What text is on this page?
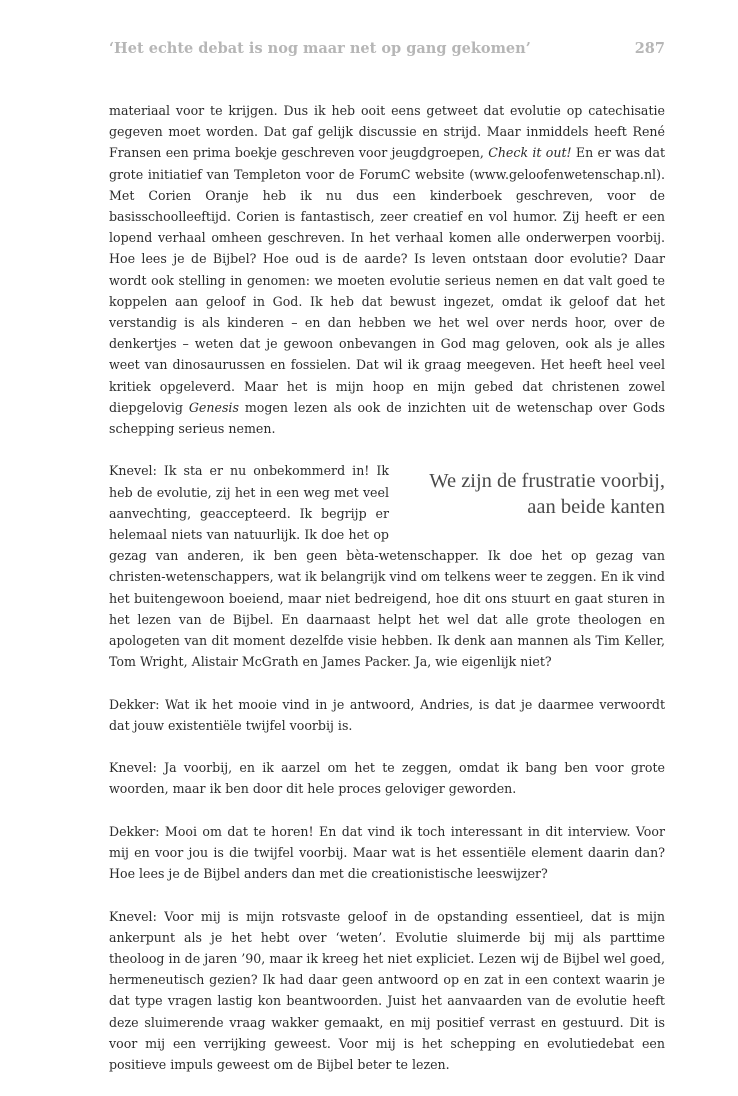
‘Het echte debat is nog maar net op gang gekomen’	287

materiaal voor te krijgen. Dus ik heb ooit eens getweet dat evolutie op catechisatie gegeven moet worden. Dat gaf gelijk discussie en strijd. Maar inmiddels heeft René Fransen een prima boekje geschreven voor jeugdgroepen, Check it out! En er was dat grote initiatief van Templeton voor de ForumC website (www.geloofenwetenschap.nl). Met Corien Oranje heb ik nu dus een kinderboek geschreven, voor de basisschoolleeftijd. Corien is fantastisch, zeer creatief en vol humor. Zij heeft er een lopend verhaal omheen geschreven. In het verhaal komen alle onderwerpen voorbij. Hoe lees je de Bijbel? Hoe oud is de aarde? Is leven ontstaan door evolutie? Daar wordt ook stelling in genomen: we moeten evolutie serieus nemen en dat valt goed te koppelen aan geloof in God. Ik heb dat bewust ingezet, omdat ik geloof dat het verstandig is als kinderen – en dan hebben we het wel over nerds hoor, over de denkertjes – weten dat je gewoon onbevangen in God mag geloven, ook als je alles weet van dinosaurussen en fossielen. Dat wil ik graag meegeven. Het heeft heel veel kritiek opgeleverd. Maar het is mijn hoop en mijn gebed dat christenen zowel diepgelovig Genesis mogen lezen als ook de inzichten uit de wetenschap over Gods schepping serieus nemen.

We zijn de frustratie voorbij, aan beide kanten

Knevel: Ik sta er nu onbekommerd in! Ik heb de evolutie, zij het in een weg met veel aanvechting, geaccepteerd. Ik begrijp er helemaal niets van natuurlijk. Ik doe het op gezag van anderen, ik ben geen bèta-wetenschapper. Ik doe het op gezag van christen-wetenschappers, wat ik belangrijk vind om telkens weer te zeggen. En ik vind het buitengewoon boeiend, maar niet bedreigend, hoe dit ons stuurt en gaat sturen in het lezen van de Bijbel. En daarnaast helpt het wel dat alle grote theologen en apologeten van dit moment dezelfde visie hebben. Ik denk aan mannen als Tim Keller, Tom Wright, Alistair McGrath en James Packer. Ja, wie eigenlijk niet?

Dekker: Wat ik het mooie vind in je antwoord, Andries, is dat je daarmee verwoordt dat jouw existentiële twijfel voorbij is.

Knevel: Ja voorbij, en ik aarzel om het te zeggen, omdat ik bang ben voor grote woorden, maar ik ben door dit hele proces geloviger geworden.

Dekker: Mooi om dat te horen! En dat vind ik toch interessant in dit interview. Voor mij en voor jou is die twijfel voorbij. Maar wat is het essentiële element daarin dan? Hoe lees je de Bijbel anders dan met die creationistische leeswijzer?

Knevel: Voor mij is mijn rotsvaste geloof in de opstanding essentieel, dat is mijn ankerpunt als je het hebt over ‘weten’. Evolutie sluimerde bij mij als parttime theoloog in de jaren ’90, maar ik kreeg het niet expliciet. Lezen wij de Bijbel wel goed, hermeneutisch gezien? Ik had daar geen antwoord op en zat in een context waarin je dat type vragen lastig kon beantwoorden. Juist het aanvaarden van de evolutie heeft deze sluimerende vraag wakker gemaakt, en mij positief verrast en gestuurd. Dit is voor mij een verrijking geweest. Voor mij is het schepping en evolutiedebat een positieve impuls geweest om de Bijbel beter te lezen.
